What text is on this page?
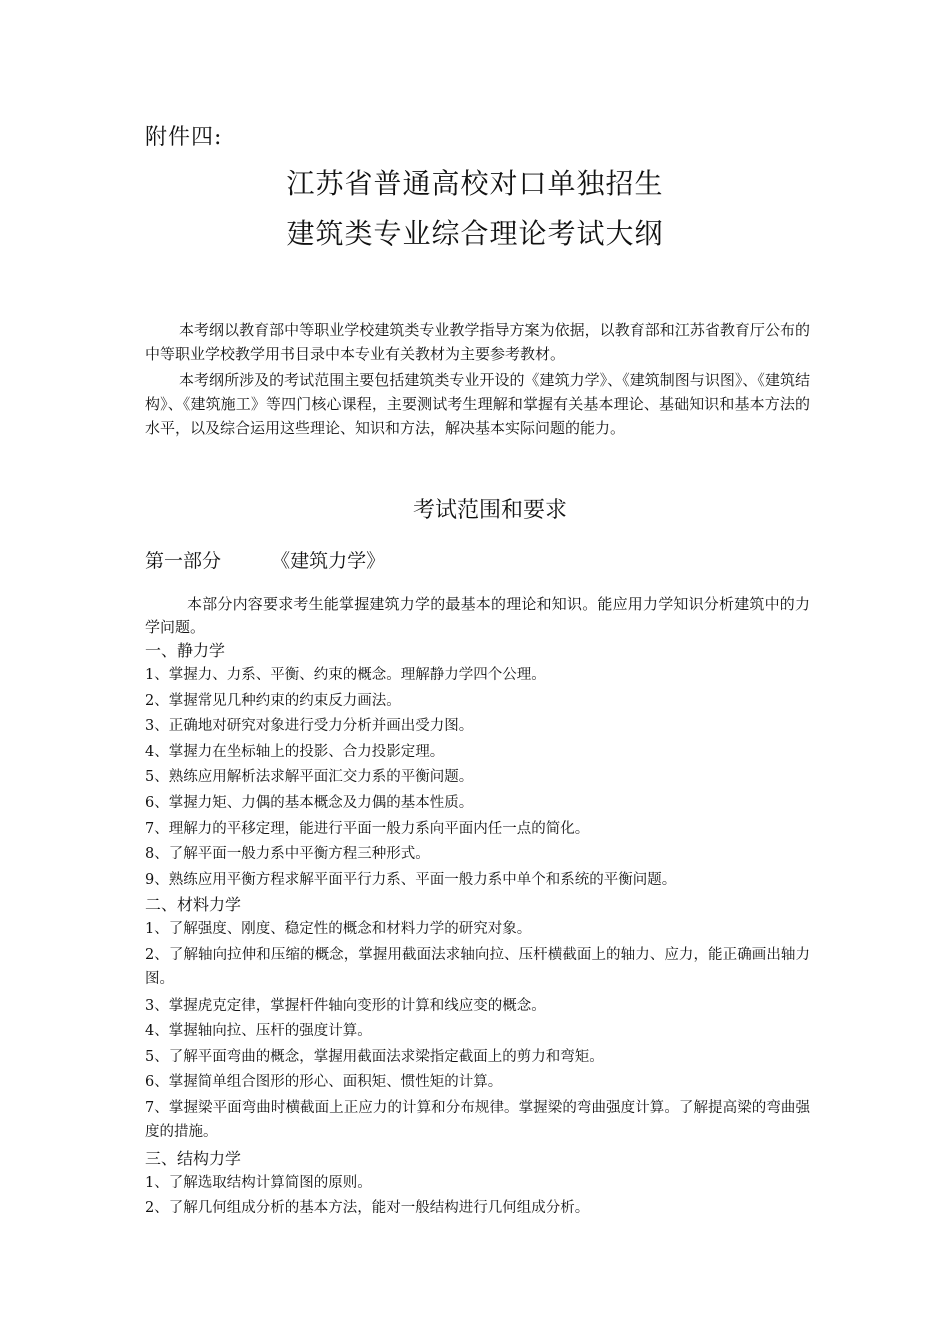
附件四:
江苏省普通高校对口单独招生
建筑类专业综合理论考试大纲

本考纲以教育部中等职业学校建筑类专业教学指导方案为依据，以教育部和江苏省教育厅公布的中等职业学校教学用书目录中本专业有关教材为主要参考教材。

本考纲所涉及的考试范围主要包括建筑类专业开设的《建筑力学》、《建筑制图与识图》、《建筑结构》、《建筑施工》等四门核心课程，主要测试考生理解和掌握有关基本理论、基础知识和基本方法的水平，以及综合运用这些理论、知识和方法，解决基本实际问题的能力。

考试范围和要求
第一部分	《建筑力学》

本部分内容要求考生能掌握建筑力学的最基本的理论和知识。能应用力学知识分析建筑中的力学问题。

一、静力学
1、掌握力、力系、平衡、约束的概念。理解静力学四个公理。
2、掌握常见几种约束的约束反力画法。
3、正确地对研究对象进行受力分析并画出受力图。
4、掌握力在坐标轴上的投影、合力投影定理。
5、熟练应用解析法求解平面汇交力系的平衡问题。
6、掌握力矩、力偶的基本概念及力偶的基本性质。
7、理解力的平移定理，能进行平面一般力系向平面内任一点的简化。
8、了解平面一般力系中平衡方程三种形式。
9、熟练应用平衡方程求解平面平行力系、平面一般力系中单个和系统的平衡问题。
二、材料力学
1、了解强度、刚度、稳定性的概念和材料力学的研究对象。
2、了解轴向拉伸和压缩的概念，掌握用截面法求轴向拉、压杆横截面上的轴力、应力，能正确画出轴力图。
3、掌握虎克定律，掌握杆件轴向变形的计算和线应变的概念。
4、掌握轴向拉、压杆的强度计算。
5、了解平面弯曲的概念，掌握用截面法求梁指定截面上的剪力和弯矩。
6、掌握简单组合图形的形心、面积矩、惯性矩的计算。
7、掌握梁平面弯曲时横截面上正应力的计算和分布规律。掌握梁的弯曲强度计算。了解提高梁的弯曲强度的措施。
三、结构力学
1、了解选取结构计算简图的原则。
2、了解几何组成分析的基本方法，能对一般结构进行几何组成分析。
